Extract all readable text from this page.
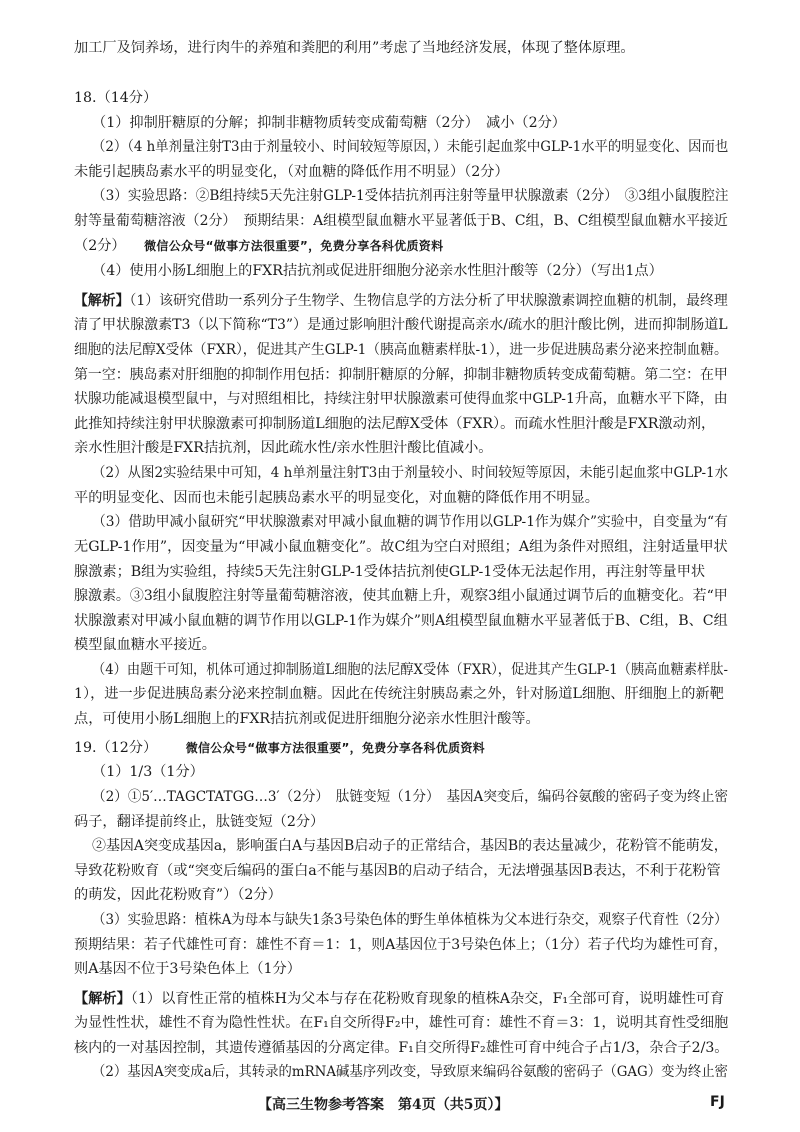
加工厂及饲养场，进行肉牛的养殖和粪肥的利用”考虑了当地经济发展，体现了整体原理。
18.（14分）
（1）抑制肝糖原的分解；抑制非糖物质转变成葡萄糖（2分）　减小（2分）
（2）（4 h单剂量注射T3由于剂量较小、时间较短等原因，）未能引起血浆中GLP-1水平的明显变化、因而也
未能引起胰岛素水平的明显变化，（对血糖的降低作用不明显）（2分）
（3）实验思路：②B组持续5天先注射GLP-1受体拮抗剂再注射等量甲状腺激素（2分）　③3组小鼠腹腔注
射等量葡萄糖溶液（2分）　预期结果：A组模型鼠血糖水平显著低于B、C组，B、C组模型鼠血糖水平接近
（2分） 微信公众号“做事方法很重要”，免费分享各科优质资料
（4）使用小肠L细胞上的FXR拮抗剂或促进肝细胞分泌亲水性胆汁酸等（2分）（写出1点）
【解析】（1）该研究借助一系列分子生物学、生物信息学的方法分析了甲状腺激素调控血糖的机制，最终理
清了甲状腺激素T3（以下简称“T3”）是通过影响胆汁酸代谢提高亲水/疏水的胆汁酸比例，进而抑制肠道L
细胞的法尼醇X受体（FXR），促进其产生GLP-1（胰高血糖素样肽-1），进一步促进胰岛素分泌来控制血糖。
第一空：胰岛素对肝细胞的抑制作用包括：抑制肝糖原的分解，抑制非糖物质转变成葡萄糖。第二空：在甲
状腺功能减退模型鼠中，与对照组相比，持续注射甲状腺激素可使得血浆中GLP-1升高，血糖水平下降，由
此推知持续注射甲状腺激素可抑制肠道L细胞的法尼醇X受体（FXR）。而疏水性胆汁酸是FXR激动剂，
亲水性胆汁酸是FXR拮抗剂，因此疏水性/亲水性胆汁酸比值减小。
（2）从图2实验结果中可知，4 h单剂量注射T3由于剂量较小、时间较短等原因，未能引起血浆中GLP-1水
平的明显变化、因而也未能引起胰岛素水平的明显变化，对血糖的降低作用不明显。
（3）借助甲减小鼠研究“甲状腺激素对甲减小鼠血糖的调节作用以GLP-1作为媒介”实验中，自变量为“有
无GLP-1作用”，因变量为“甲减小鼠血糖变化”。故C组为空白对照组；A组为条件对照组，注射适量甲状
腺激素；B组为实验组，持续5天先注射GLP-1受体拮抗剂使GLP-1受体无法起作用，再注射等量甲状
腺激素。③3组小鼠腹腔注射等量葡萄糖溶液，使其血糖上升，观察3组小鼠通过调节后的血糖变化。若“甲
状腺激素对甲减小鼠血糖的调节作用以GLP-1作为媒介”则A组模型鼠血糖水平显著低于B、C组，B、C组
模型鼠血糖水平接近。
（4）由题干可知，机体可通过抑制肠道L细胞的法尼醇X受体（FXR），促进其产生GLP-1（胰高血糖素样肽-
1），进一步促进胰岛素分泌来控制血糖。因此在传统注射胰岛素之外，针对肠道L细胞、肝细胞上的新靶
点，可使用小肠L细胞上的FXR拮抗剂或促进肝细胞分泌亲水性胆汁酸等。
19.（12分） 微信公众号“做事方法很重要”，免费分享各科优质资料
（1）1/3（1分）
（2）①5′…TAGCTATGG…3′（2分）　肽链变短（1分）　基因A突变后，编码谷氨酸的密码子变为终止密
码子，翻译提前终止，肽链变短（2分）
②基因A突变成基因a，影响蛋白A与基因B启动子的正常结合，基因B的表达量减少，花粉管不能萌发，
导致花粉败育（或“突变后编码的蛋白a不能与基因B的启动子结合，无法增强基因B表达，不利于花粉管
的萌发，因此花粉败育”）（2分）
（3）实验思路：植株A为母本与缺失1条3号染色体的野生单体植株为父本进行杂交，观察子代育性（2分）
预期结果：若子代雄性可育：雄性不育＝1：1，则A基因位于3号染色体上；（1分）若子代均为雄性可育，
则A基因不位于3号染色体上（1分）
【解析】（1）以育性正常的植株H为父本与存在花粉败育现象的植株A杂交，F₁全部可育，说明雄性可育
为显性性状，雄性不育为隐性性状。在F₁自交所得F₂中，雄性可育：雄性不育＝3：1，说明其育性受细胞
核内的一对基因控制，其遗传遵循基因的分离定律。F₁自交所得F₂雄性可育中纯合子占1/3，杂合子2/3。
（2）基因A突变成a后，其转录的mRNA碱基序列改变，导致原来编码谷氨酸的密码子（GAG）变为终止密
【高三生物参考答案　第4页（共5页）】	FJ
